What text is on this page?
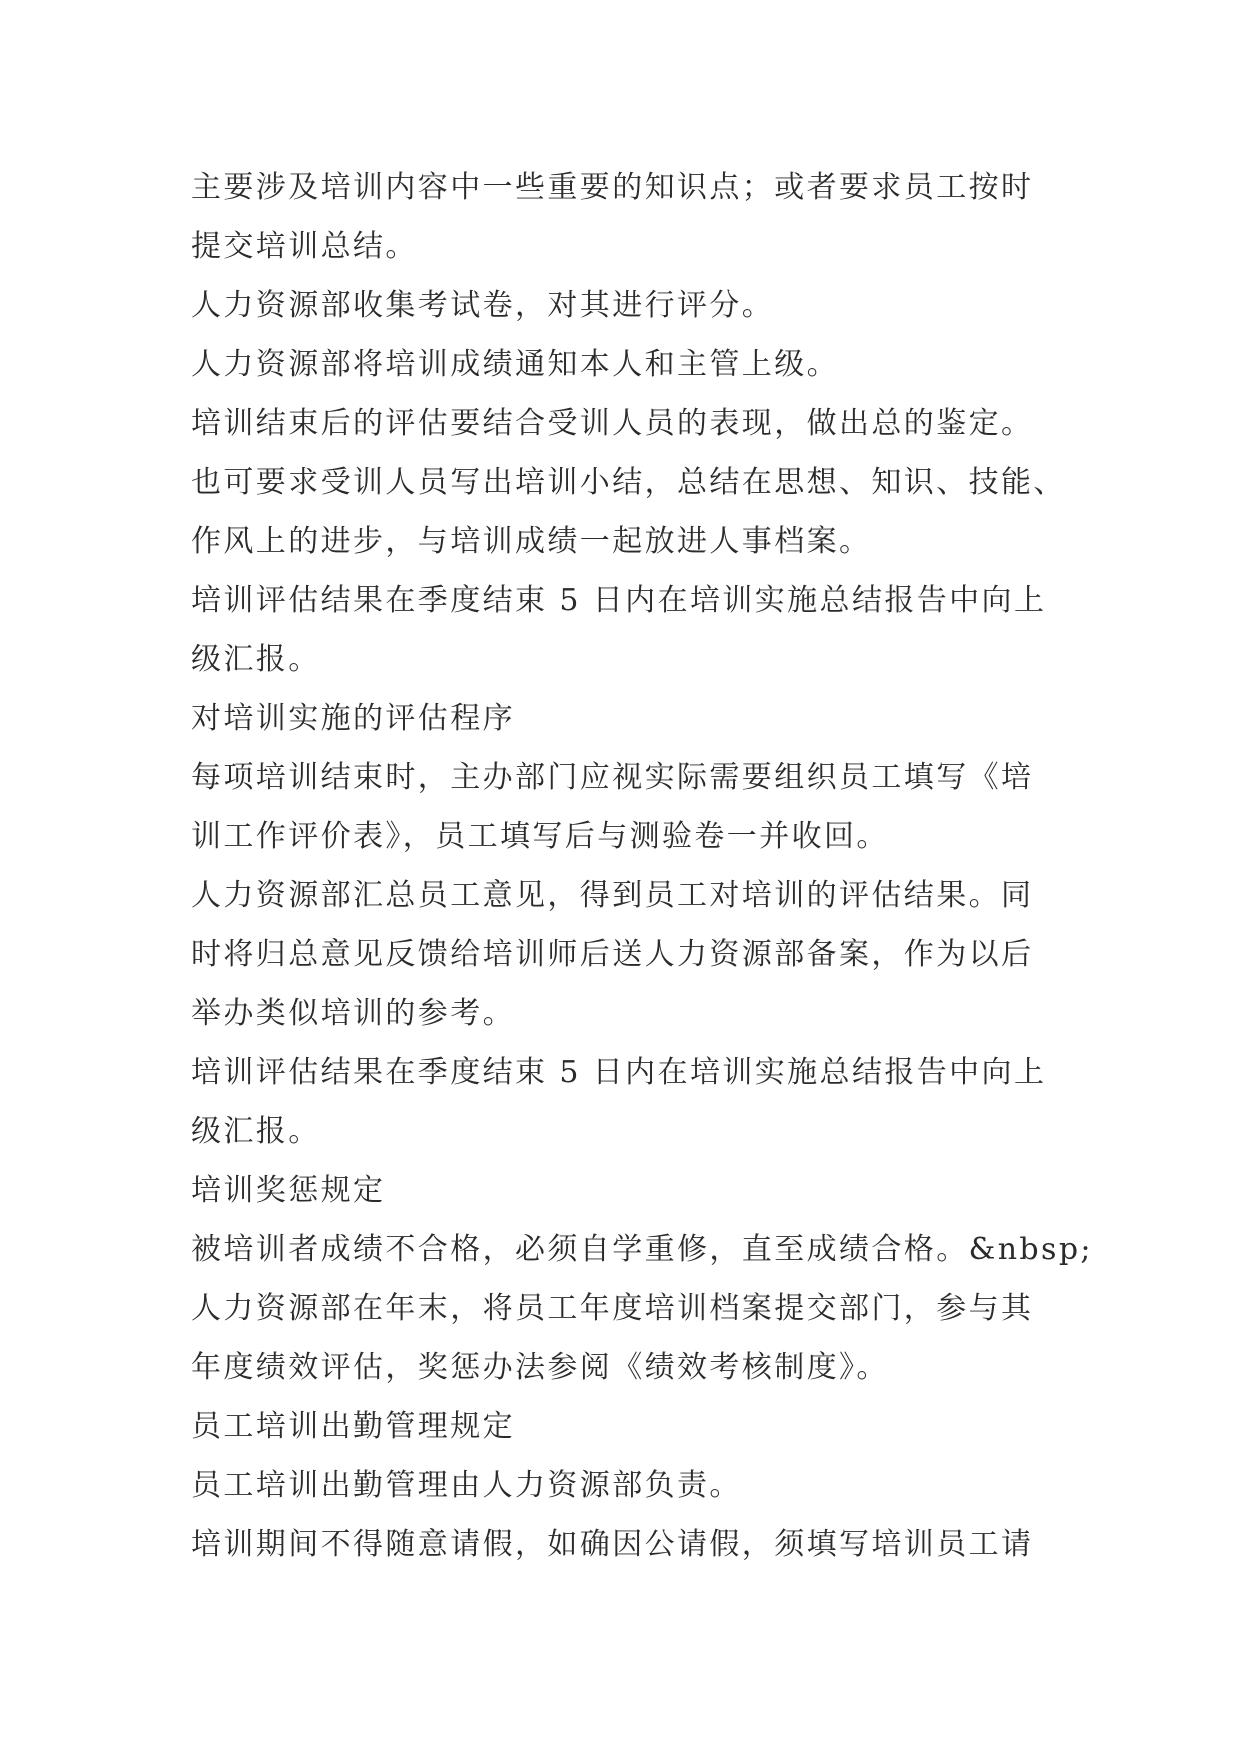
主要涉及培训内容中一些重要的知识点；或者要求员工按时
提交培训总结。
人力资源部收集考试卷，对其进行评分。
人力资源部将培训成绩通知本人和主管上级。
培训结束后的评估要结合受训人员的表现，做出总的鉴定。
也可要求受训人员写出培训小结，总结在思想、知识、技能、
作风上的进步，与培训成绩一起放进人事档案。
培训评估结果在季度结束 5 日内在培训实施总结报告中向上
级汇报。
对培训实施的评估程序
每项培训结束时，主办部门应视实际需要组织员工填写《培
训工作评价表》，员工填写后与测验卷一并收回。
人力资源部汇总员工意见，得到员工对培训的评估结果。同
时将归总意见反馈给培训师后送人力资源部备案，作为以后
举办类似培训的参考。
培训评估结果在季度结束 5 日内在培训实施总结报告中向上
级汇报。
培训奖惩规定
被培训者成绩不合格，必须自学重修，直至成绩合格。&nbsp;
人力资源部在年末，将员工年度培训档案提交部门，参与其
年度绩效评估，奖惩办法参阅《绩效考核制度》。
员工培训出勤管理规定
员工培训出勤管理由人力资源部负责。
培训期间不得随意请假，如确因公请假，须填写培训员工请
